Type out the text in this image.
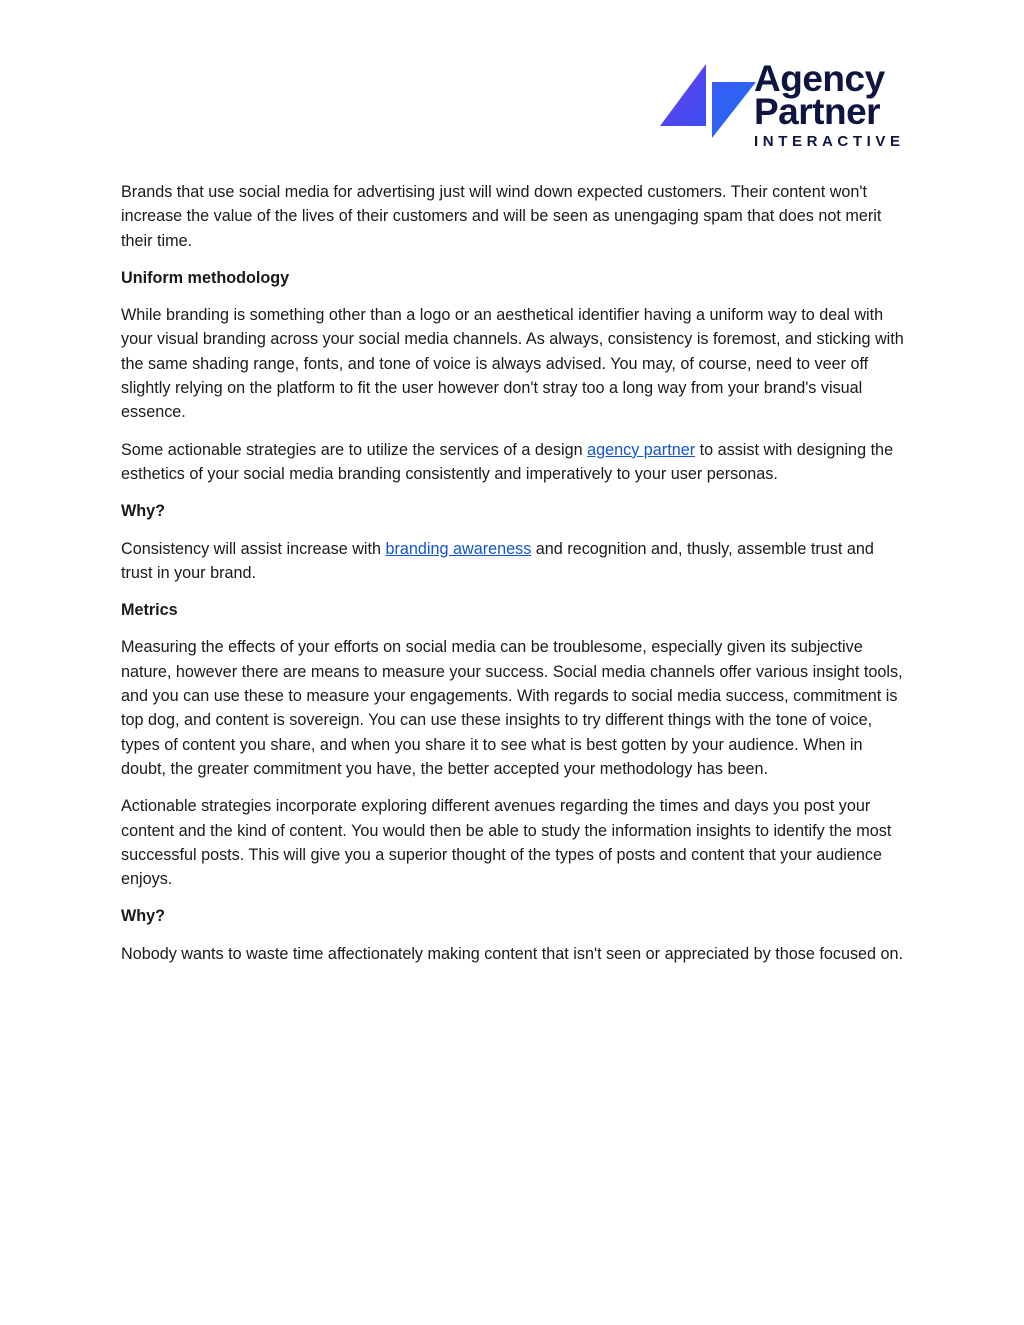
Agency
Partner
INTERACTIVE

Brands that use social media for advertising just will wind down expected customers. Their content won't increase the value of the lives of their customers and will be seen as unengaging spam that does not merit their time.

Uniform methodology

While branding is something other than a logo or an aesthetical identifier having a uniform way to deal with your visual branding across your social media channels. As always, consistency is foremost, and sticking with the same shading range, fonts, and tone of voice is always advised. You may, of course, need to veer off slightly relying on the platform to fit the user however don't stray too a long way from your brand's visual essence.

Some actionable strategies are to utilize the services of a design agency partner to assist with designing the esthetics of your social media branding consistently and imperatively to your user personas.

Why?

Consistency will assist increase with branding awareness and recognition and, thusly, assemble trust and trust in your brand.

Metrics

Measuring the effects of your efforts on social media can be troublesome, especially given its subjective nature, however there are means to measure your success. Social media channels offer various insight tools, and you can use these to measure your engagements. With regards to social media success, commitment is top dog, and content is sovereign. You can use these insights to try different things with the tone of voice, types of content you share, and when you share it to see what is best gotten by your audience. When in doubt, the greater commitment you have, the better accepted your methodology has been.

Actionable strategies incorporate exploring different avenues regarding the times and days you post your content and the kind of content. You would then be able to study the information insights to identify the most successful posts. This will give you a superior thought of the types of posts and content that your audience enjoys.

Why?

Nobody wants to waste time affectionately making content that isn't seen or appreciated by those focused on.
